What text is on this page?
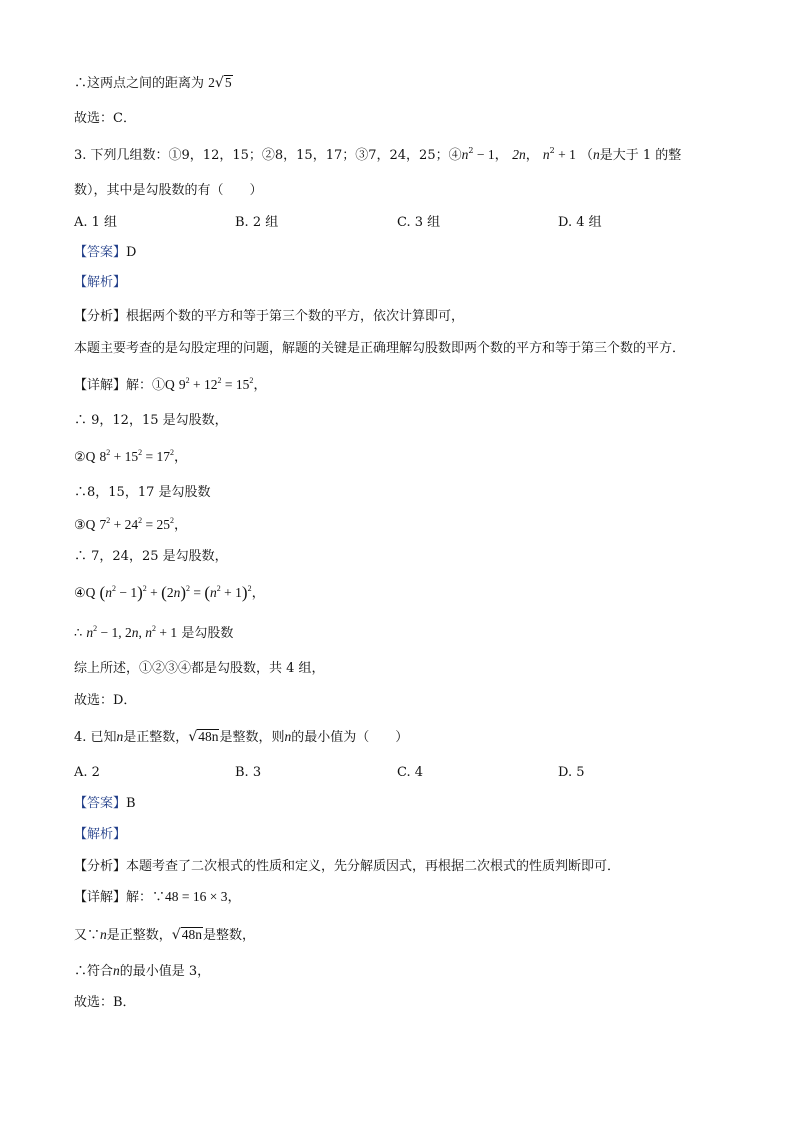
∴这两点之间的距离为 2√5
故选：C．
3. 下列几组数：①9，12，15；②8，15，17；③7，24，25；$④n^2 - 1$， 2n， $n^2 + 1$ （n是大于 1 的整
数），其中是勾股数的有（　　）
A. 1 组	B. 2 组	C. 3 组	D. 4 组
【答案】D
【解析】
【分析】根据两个数的平方和等于第三个数的平方，依次计算即可，
本题主要考查的是勾股定理的问题，解题的关键是正确理解勾股数即两个数的平方和等于第三个数的平方．
【详解】解：①Q $9^2 + 12^2 = 15^2$，
∴ 9，12，15 是勾股数，
②Q $8^2 + 15^2 = 17^2$，
∴8，15，17 是勾股数
③Q $7^2 + 24^2 = 25^2$，
∴ 7，24，25 是勾股数，
④Q $(n^2 - 1)^2 + (2n)^2 = (n^2 + 1)^2$，
∴ $n^2 - 1$, 2n, $n^2 + 1$ 是勾股数
综上所述，①②③④都是勾股数，共 4 组，
故选：D．
4. 已知n是正整数，√48n是整数，则n的最小值为（　　）
A. 2	B. 3	C. 4	D. 5
【答案】B
【解析】
【分析】本题考查了二次根式的性质和定义，先分解质因式，再根据二次根式的性质判断即可．
【详解】解：∵48 = 16 × 3，
又∵n是正整数，√48n是整数，
∴符合n的最小值是 3，
故选：B．
